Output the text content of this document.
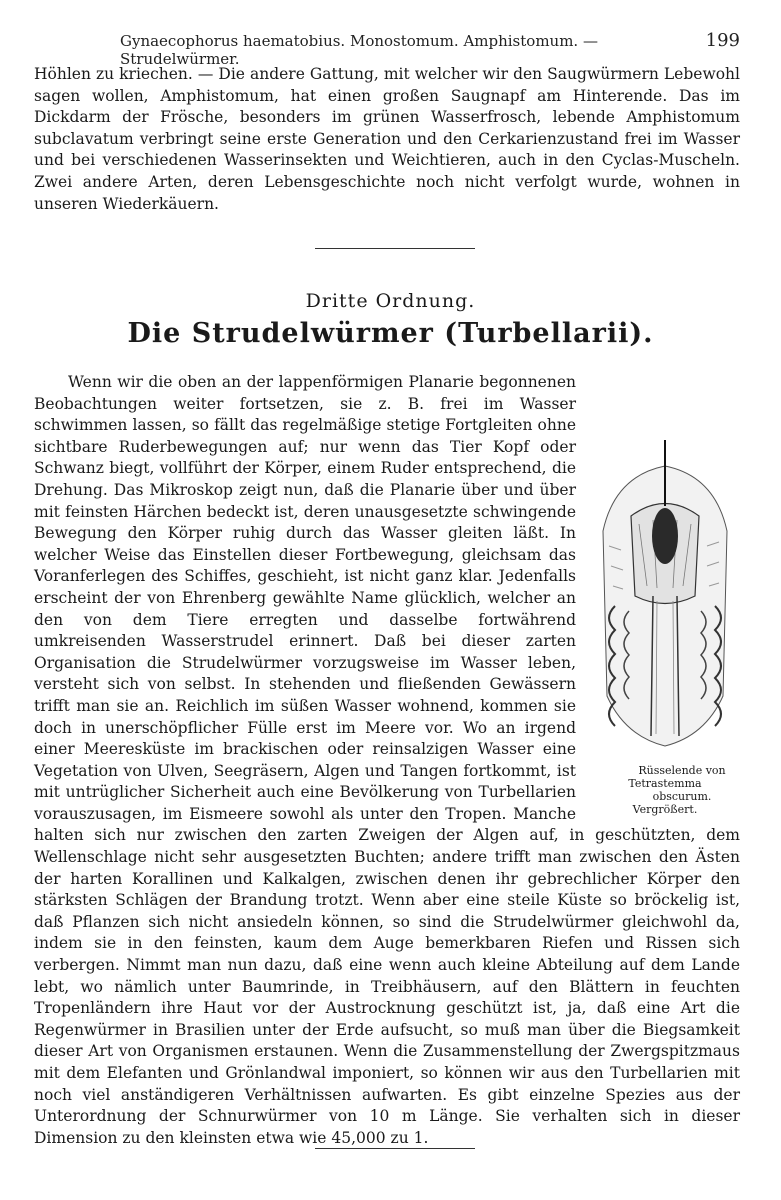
Gynaecophorus haematobius. Monostomum. Amphistomum. — Strudelwürmer.
199

Höhlen zu kriechen. — Die andere Gattung, mit welcher wir den Saugwürmern Lebewohl sagen wollen, Amphistomum, hat einen großen Saugnapf am Hinterende. Das im Dickdarm der Frösche, besonders im grünen Wasserfrosch, lebende Amphistomum subclavatum verbringt seine erste Generation und den Cerkarienzustand frei im Wasser und bei verschiedenen Wasserinsekten und Weichtieren, auch in den Cyclas-Muscheln. Zwei andere Arten, deren Lebensgeschichte noch nicht verfolgt wurde, wohnen in unseren Wiederkäuern.

Dritte Ordnung.
Die Strudelwürmer (Turbellarii).
Rüsselende von Tetrastemma
obscurum. Vergrößert.
Wenn wir die oben an der lappenförmigen Planarie begonnenen Beobachtungen weiter fortsetzen, sie z. B. frei im Wasser schwimmen lassen, so fällt das regelmäßige stetige Fortgleiten ohne sichtbare Ruderbewegungen auf; nur wenn das Tier Kopf oder Schwanz biegt, vollführt der Körper, einem Ruder entsprechend, die Drehung. Das Mikroskop zeigt nun, daß die Planarie über und über mit feinsten Härchen bedeckt ist, deren unausgesetzte schwingende Bewegung den Körper ruhig durch das Wasser gleiten läßt. In welcher Weise das Einstellen dieser Fortbewegung, gleichsam das Voranferlegen des Schiffes, geschieht, ist nicht ganz klar. Jedenfalls erscheint der von Ehrenberg gewählte Name glücklich, welcher an den von dem Tiere erregten und dasselbe fortwährend umkreisenden Wasserstrudel erinnert. Daß bei dieser zarten Organisation die Strudelwürmer vorzugsweise im Wasser leben, versteht sich von selbst. In stehenden und fließenden Gewässern trifft man sie an. Reichlich im süßen Wasser wohnend, kommen sie doch in unerschöpflicher Fülle erst im Meere vor. Wo an irgend einer Meeresküste im brackischen oder reinsalzigen Wasser eine Vegetation von Ulven, Seegräsern, Algen und Tangen fortkommt, ist mit untrüglicher Sicherheit auch eine Bevölkerung von Turbellarien vorauszusagen, im Eismeere sowohl als unter den Tropen. Manche halten sich nur zwischen den zarten Zweigen der Algen auf, in geschützten, dem Wellenschlage nicht sehr ausgesetzten Buchten; andere trifft man zwischen den Ästen der harten Korallinen und Kalkalgen, zwischen denen ihr gebrechlicher Körper den stärksten Schlägen der Brandung trotzt. Wenn aber eine steile Küste so bröckelig ist, daß Pflanzen sich nicht ansiedeln können, so sind die Strudelwürmer gleichwohl da, indem sie in den feinsten, kaum dem Auge bemerkbaren Riefen und Rissen sich verbergen. Nimmt man nun dazu, daß eine wenn auch kleine Abteilung auf dem Lande lebt, wo nämlich unter Baumrinde, in Treibhäusern, auf den Blättern in feuchten Tropenländern ihre Haut vor der Austrocknung geschützt ist, ja, daß eine Art die Regenwürmer in Brasilien unter der Erde aufsucht, so muß man über die Biegsamkeit dieser Art von Organismen erstaunen. Wenn die Zusammenstellung der Zwergspitzmaus mit dem Elefanten und Grönlandwal imponiert, so können wir aus den Turbellarien mit noch viel anständigeren Verhältnissen aufwarten. Es gibt einzelne Spezies aus der Unterordnung der Schnurwürmer von 10 m Länge. Sie verhalten sich in dieser Dimension zu den kleinsten etwa wie 45,000 zu 1.
